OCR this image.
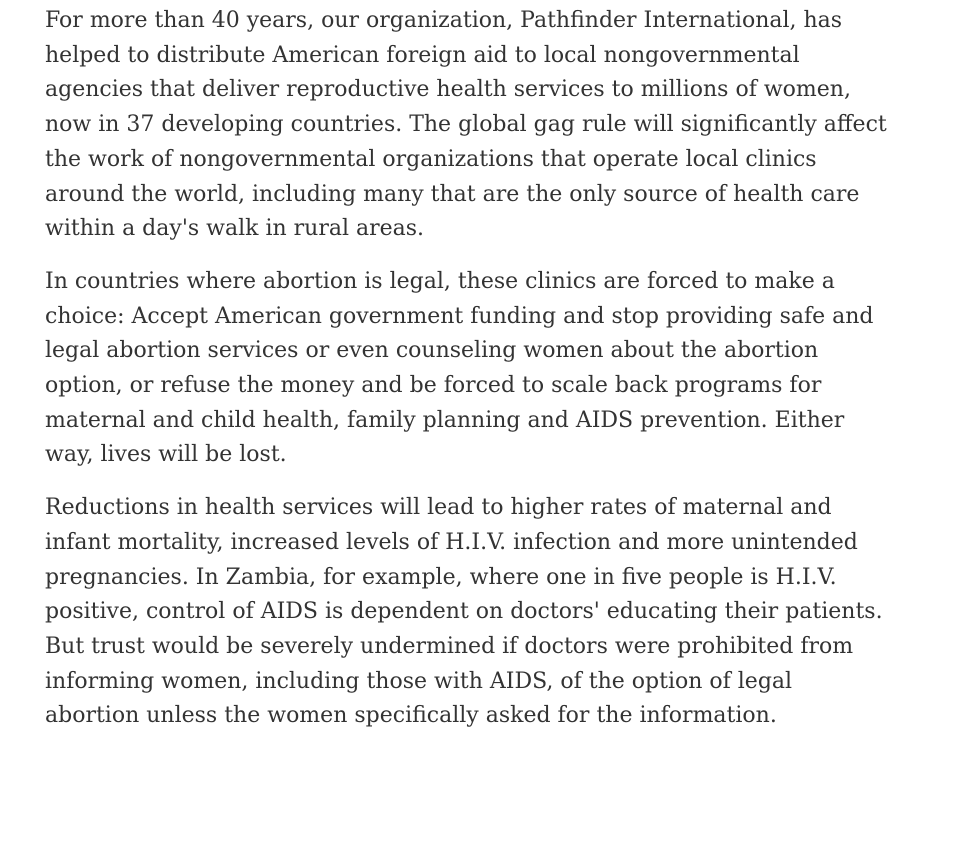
For more than 40 years, our organization, Pathfinder International, has
helped to distribute American foreign aid to local nongovernmental
agencies that deliver reproductive health services to millions of women,
now in 37 developing countries. The global gag rule will significantly affect
the work of nongovernmental organizations that operate local clinics
around the world, including many that are the only source of health care
within a day's walk in rural areas.

In countries where abortion is legal, these clinics are forced to make a
choice: Accept American government funding and stop providing safe and
legal abortion services or even counseling women about the abortion
option, or refuse the money and be forced to scale back programs for
maternal and child health, family planning and AIDS prevention. Either
way, lives will be lost.

Reductions in health services will lead to higher rates of maternal and
infant mortality, increased levels of H.I.V. infection and more unintended
pregnancies. In Zambia, for example, where one in five people is H.I.V.
positive, control of AIDS is dependent on doctors' educating their patients.
But trust would be severely undermined if doctors were prohibited from
informing women, including those with AIDS, of the option of legal
abortion unless the women specifically asked for the information.
